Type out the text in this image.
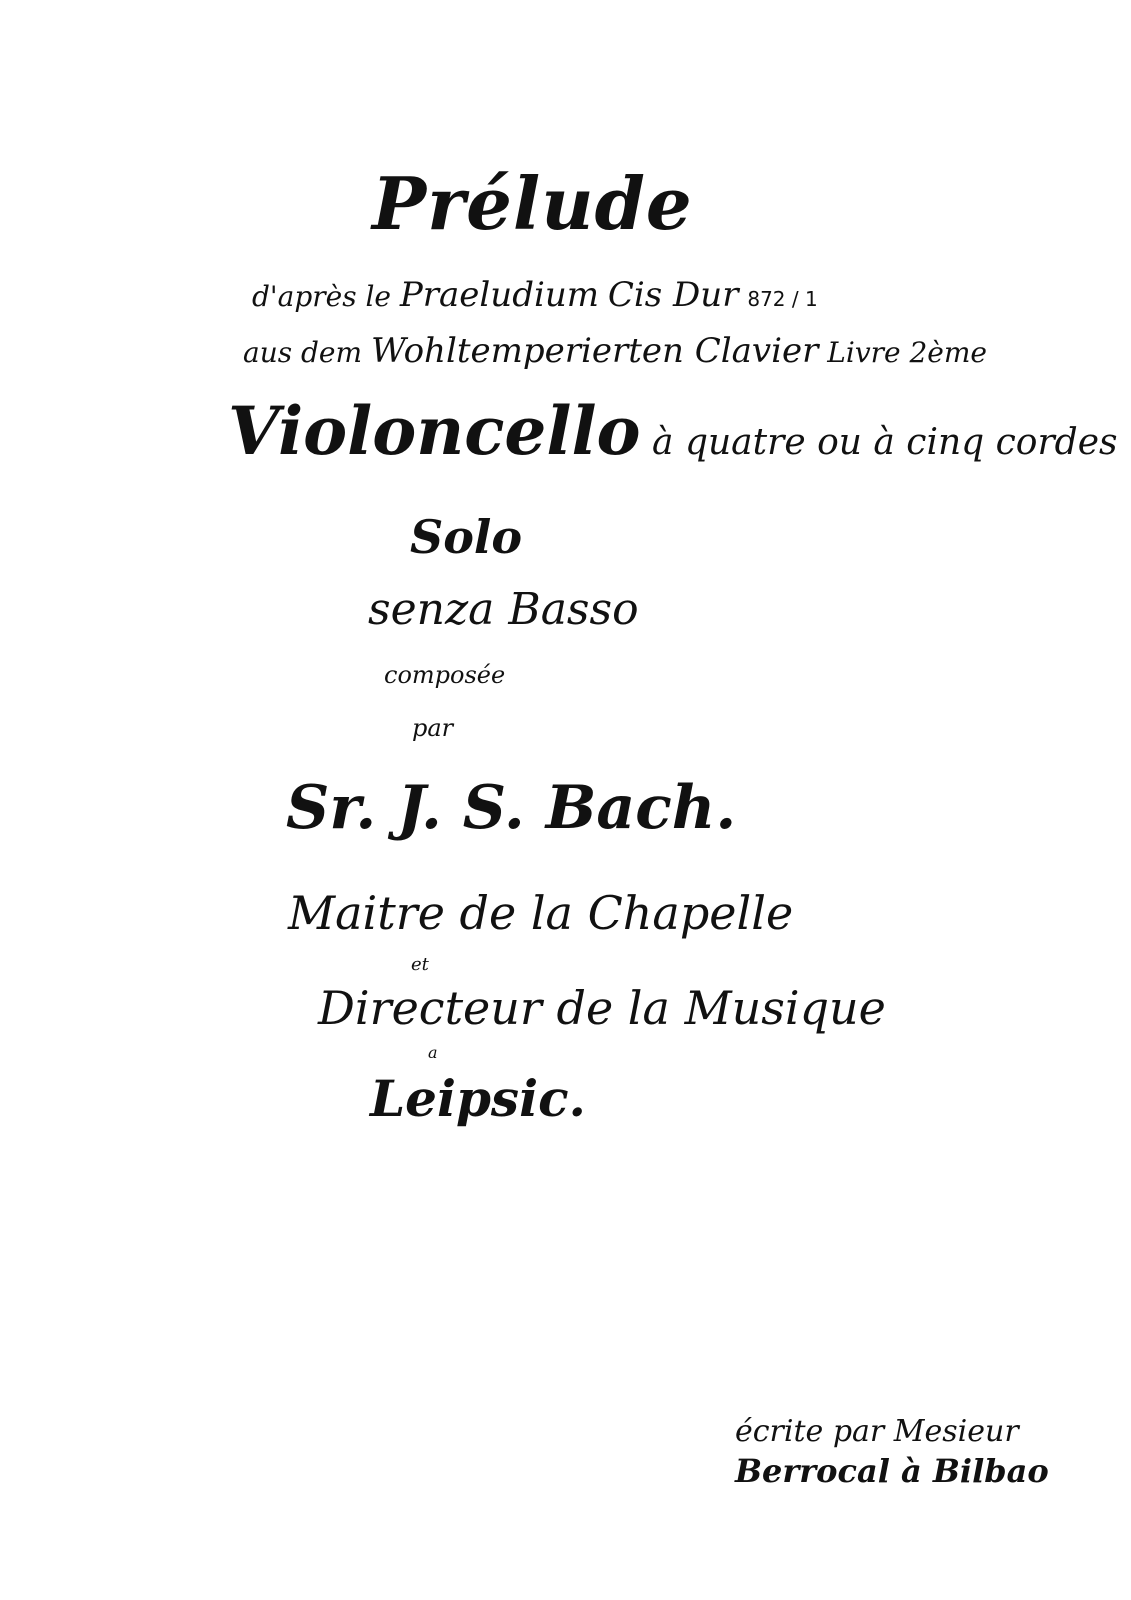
Prélude
d'après le Praeludium Cis Dur 872 / 1
aus dem Wohltemperierten Clavier Livre 2ème
Violoncello à quatre ou à cinq cordes
Solo
senza Basso
composée
par
Sr. J. S. Bach.
Maitre de la Chapelle
et
Directeur de la Musique
a
Leipsic.
écrite par Mesieur
Berrocal à Bilbao
